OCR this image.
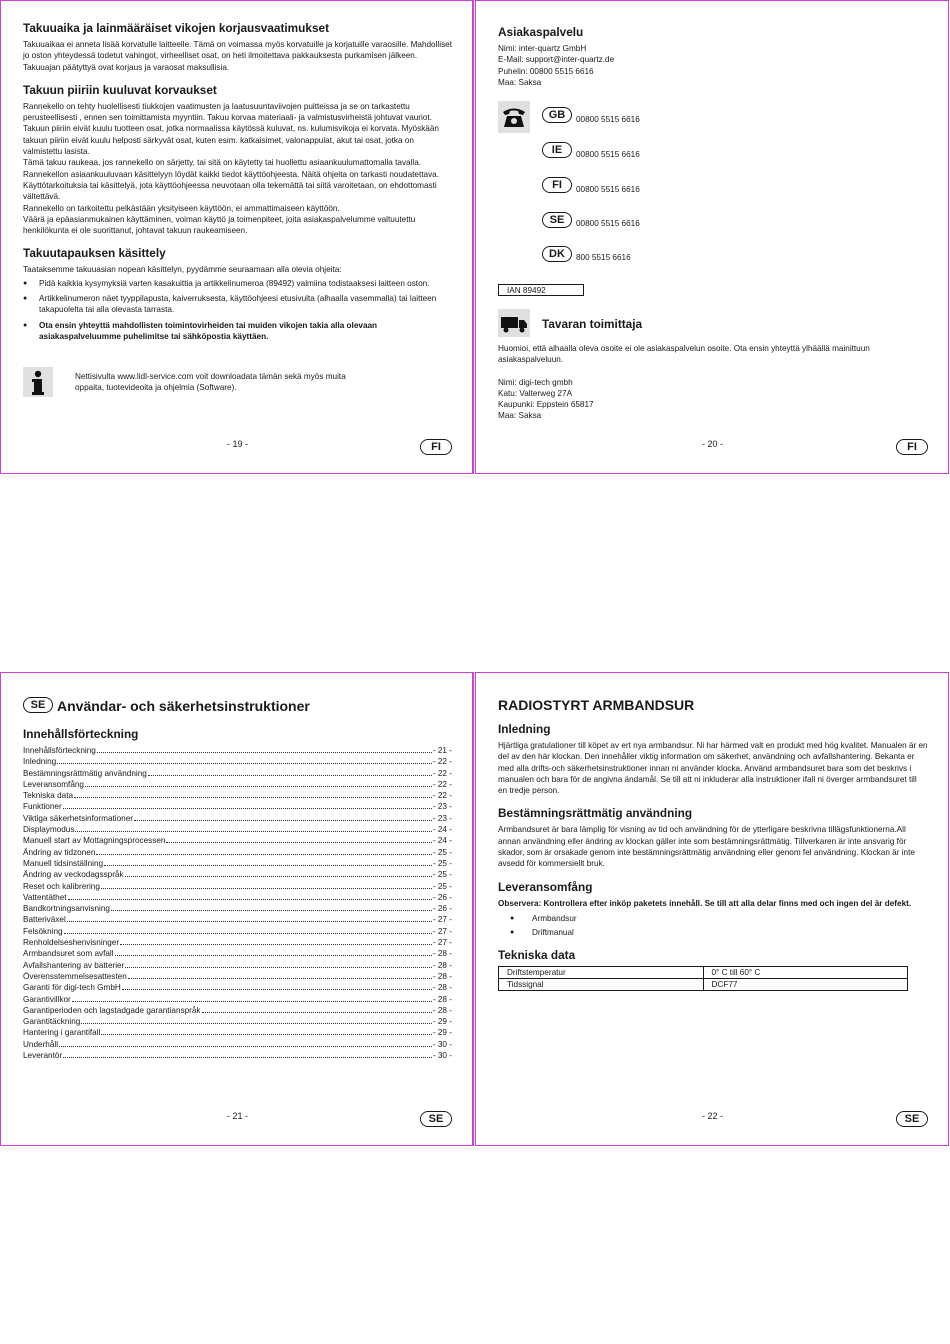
Takuuaika ja lainmääräiset vikojen korjausvaatimukset

Takuuaikaa ei anneta lisää korvatulle laitteelle. Tämä on voimassa myös korvatuille ja korjatuille varaosille. Mahdolliset jo oston yhteydessä todetut vahingot, virheelliset osat, on heti ilmoitettava pakkauksesta purkamisen jälkeen. Takuuajan päätyttyä ovat korjaus ja varaosat maksullisia.

Takuun piiriin kuuluvat korvaukset

Rannekello on tehty huolellisesti tiukkojen vaatimusten ja laatusuuntaviivojen puitteissa ja se on tarkastettu perusteellisesti , ennen sen toimittamista myyntiin. Takuu korvaa materiaali- ja valmistusvirheistä johtuvat vauriot.

Takuun piiriin eivät kuulu tuotteen osat, jotka normaalissa käytössä kuluvat, ns. kulumisvikoja ei korvata. Myöskään takuun piiriin eivät kuulu helposti särkyvät osat, kuten esim. katkaisimet, valonappulat, akut tai osat, jotka on valmistettu lasista.

Tämä takuu raukeaa, jos rannekello on särjetty, tai sitä on käytetty tai huollettu asiaankuulumattomalla tavalla.

Rannekellon asiaankuuluvaan käsittelyyn löydät kaikki tiedot käyttöohjeesta. Näitä ohjeita on tarkasti noudatettava.

Käyttötarkoituksia tai käsittelyä, jota käyttöohjeessa neuvotaan olla tekemättä tai siitä varoitetaan, on ehdottomasti vältettävä.

Rannekello on tarkoitettu pelkästään yksityiseen käyttöön, ei ammattimaiseen käyttöön.

Väärä ja epäasianmukainen käyttäminen, voiman käyttö ja toimenpiteet, joita asiakaspalvelumme valtuutettu henkilökunta ei ole suorittanut, johtavat takuun raukeamiseen.

Takuutapauksen käsittely

Taataksemme takuuasian nopean käsittelyn, pyydämme seuraamaan alla olevia ohjeita:

● Pidä kaikkia kysymyksiä varten kasakuittia ja artikkelinumeroa (89492) valmiina todistaaksesi laitteen oston.
● Artikkelinumeron näet tyyppilapusta, kaiverruksesta, käyttöohjeesi etusivulta (alhaalla vasemmalla) tai laitteen takapuolelta tai alla olevasta tarrasta.
● Ota ensin yhteyttä mahdollisten toimintovirheiden tai muiden vikojen takia alla olevaan asiakaspalveluumme puhelimitse tai sähköpostia käyttäen.

Nettisivulta www.lidl-service.com voit downloadata tämän sekä myös muita oppaita, tuotevideoita ja ohjelmia (Software).

- 19 -	FI
Asiakaspalvelu

Nimi: inter-quartz GmbH

E-Mail: support@inter-quartz.de

Puhelin: 00800 5515 6616

Maa: Saksa

GB	00800 5515 6616
IE	00800 5515 6616
FI	00800 5515 6616
SE	00800 5515 6616
DK	800 5515 6616
IAN 89492
Tavaran toimittaja

Huomioi, että alhaalla oleva osoite ei ole asiakaspalvelun osoite. Ota ensin yhteyttä ylhäällä mainittuun asiakaspalveluun.

Nimi: digi-tech gmbh

Katu: Valterweg 27A

Kaupunki: Eppstein 65817

Maa: Saksa

- 20 -	FI
SE Användar- och säkerhetsinstruktioner
Innehållsförteckning
Innehållsförteckning	- 21 -
Inledning	- 22 -
Bestämningsrättmätig användning	- 22 -
Leveransomfång	- 22 -
Tekniska data	- 22 -
Funktioner	- 23 -
Viktiga säkerhetsinformationer	- 23 -
Displaymodus	- 24 -
Manuell start av Mottagningsprocessen	- 24 -
Ändring av tidzonen	- 25 -
Manuell tidsinställning	- 25 -
Ändring av veckodagsspråk	- 25 -
Reset och kalibrering	- 25 -
Vattentäthet	- 26 -
Bandkortningsanvisning	- 26 -
Batteriväxel	- 27 -
Felsökning	- 27 -
Renholdelseshenvisninger	- 27 -
Armbandsuret som avfall	- 28 -
Avfallshantering av batterier	- 28 -
Överensstemmelsesattesten	- 28 -
Garanti för digi-tech GmbH	- 28 -
Garantivillkor	- 28 -
Garantiperioden och lagstadgade garantianspråk	- 28 -
Garantitäckning	- 29 -
Hantering i garantifall	- 29 -
Underhåll	- 30 -
Leverantör	- 30 -
- 21 -	SE
RADIOSTYRT ARMBANDSUR
Inledning

Hjärtliga gratulationer till köpet av ert nya armbandsur. Ni har härmed valt en produkt med hög kvalitet. Manualen är en del av den här klockan. Den innehåller viktig information om säkerhet, användning och avfallshantering. Bekanta er med alla drifts-och säkerhetsinstruktioner innan ni använder klocka. Använd armbandsuret bara som det beskrivs i manualen och bara för de angivna ändamål. Se till att ni inkluderar alla instruktioner ifall ni överger armbandsuret till en tredje person.

Bestämningsrättmätig användning

Armbandsuret är bara lämplig för visning av tid och användning för de ytterligare beskrivna tillägsfunktionerna.All annan användning eller ändring av klockan gäller inte som bestämningsrättmätig. Tillverkaren är inte ansvarig för skador, som är orsakade genom inte bestämningsrättmätig användning eller genom fel användning. Klockan är inte avsedd för kommersiellt bruk.

Leveransomfång

Observera: Kontrollera efter inköp paketets innehåll. Se till att alla delar finns med och ingen del är defekt.

● Armbandsur
● Driftmanual
Tekniska data
Driftstemperatur	0° C till 60° C
Tidssignal	DCF77
- 22 -	SE
